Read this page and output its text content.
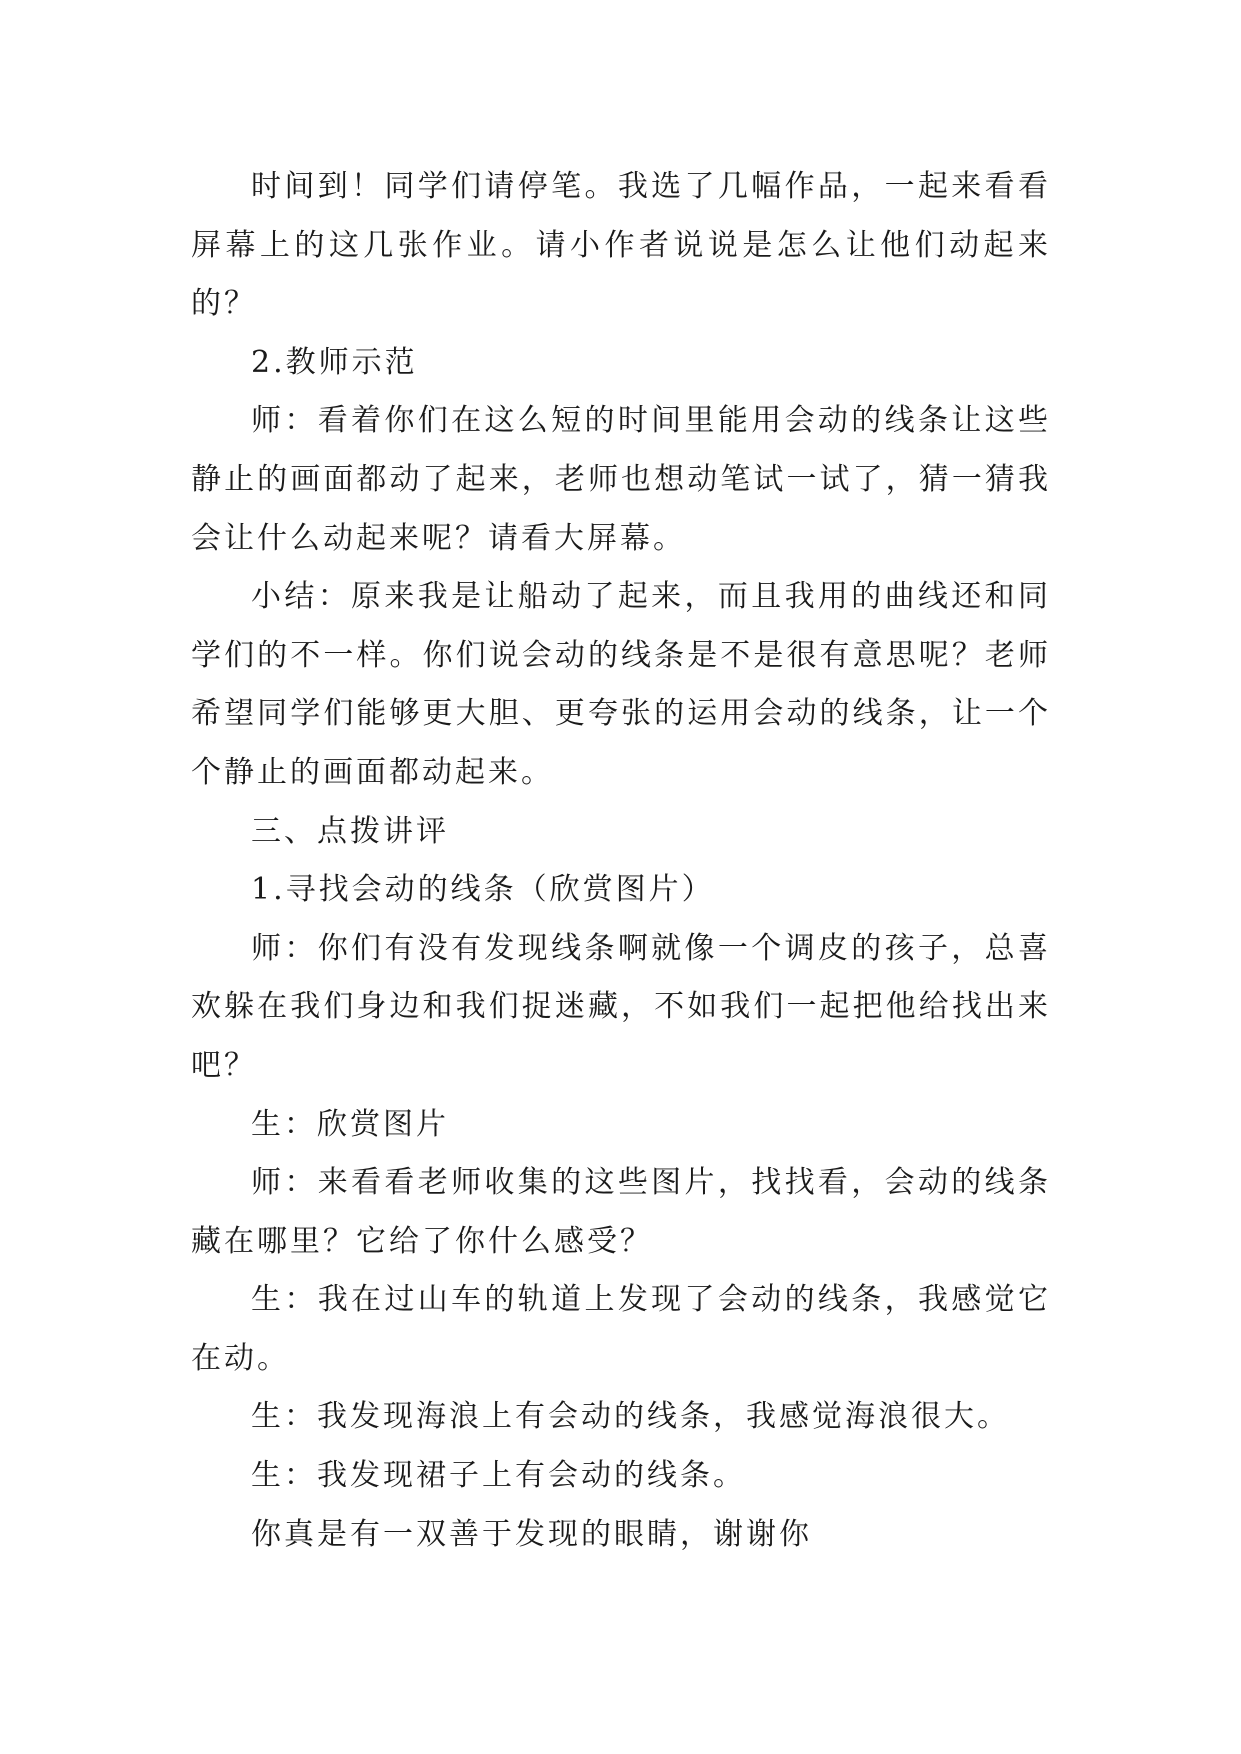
时间到！同学们请停笔。我选了几幅作品，一起来看看屏幕上的这几张作业。请小作者说说是怎么让他们动起来的？

2.教师示范

师：看着你们在这么短的时间里能用会动的线条让这些静止的画面都动了起来，老师也想动笔试一试了，猜一猜我会让什么动起来呢？请看大屏幕。

小结：原来我是让船动了起来，而且我用的曲线还和同学们的不一样。你们说会动的线条是不是很有意思呢？老师希望同学们能够更大胆、更夸张的运用会动的线条，让一个个静止的画面都动起来。

三、点拨讲评

1.寻找会动的线条（欣赏图片）

师：你们有没有发现线条啊就像一个调皮的孩子，总喜欢躲在我们身边和我们捉迷藏，不如我们一起把他给找出来吧？

生：欣赏图片

师：来看看老师收集的这些图片，找找看，会动的线条藏在哪里？它给了你什么感受？

生：我在过山车的轨道上发现了会动的线条，我感觉它在动。

生：我发现海浪上有会动的线条，我感觉海浪很大。

生：我发现裙子上有会动的线条。

你真是有一双善于发现的眼睛，谢谢你
